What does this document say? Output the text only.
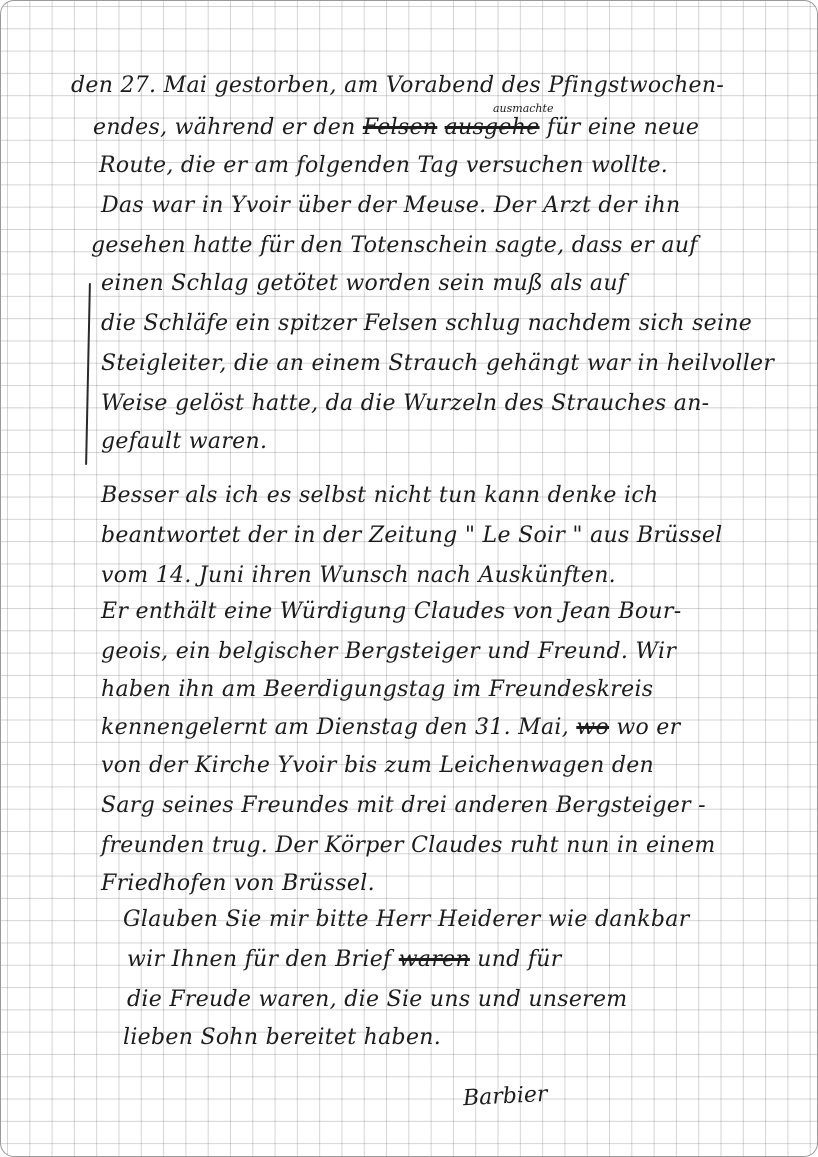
den 27. Mai gestorben, am Vorabend des Pfingstwochen-

ausmachte

endes, während er den Felsen ausgehe für eine neue

Route, die er am folgenden Tag versuchen wollte.

Das war in Yvoir über der Meuse. Der Arzt der ihn

gesehen hatte für den Totenschein sagte, dass er auf

einen Schlag getötet worden sein muß als auf

die Schläfe ein spitzer Felsen schlug nachdem sich seine

Steigleiter, die an einem Strauch gehängt war in heilvoller

Weise gelöst hatte, da die Wurzeln des Strauches an-

gefault waren.

Besser als ich es selbst nicht tun kann denke ich

beantwortet der in der Zeitung " Le Soir " aus Brüssel

vom 14. Juni ihren Wunsch nach Auskünften.

Er enthält eine Würdigung Claudes von Jean Bour-

geois, ein belgischer Bergsteiger und Freund. Wir

haben ihn am Beerdigungstag im Freundeskreis

kennengelernt am Dienstag den 31. Mai, wo wo er

von der Kirche Yvoir bis zum Leichenwagen den

Sarg seines Freundes mit drei anderen Bergsteiger -

freunden trug. Der Körper Claudes ruht nun in einem

Friedhofen von Brüssel.

Glauben Sie mir bitte Herr Heiderer wie dankbar

wir Ihnen für den Brief waren und für

die Freude waren, die Sie uns und unserem

lieben Sohn bereitet haben.

Barbier
